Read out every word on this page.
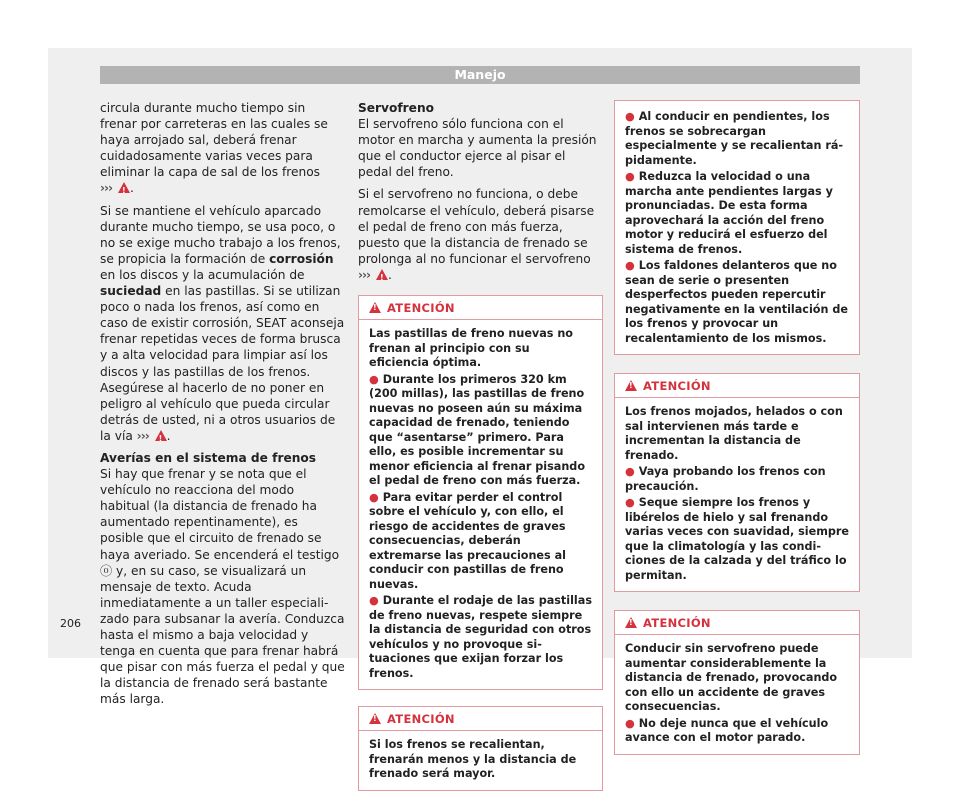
Manejo

circula durante mucho tiempo sin frenar por carreteras en las cuales se haya arrojado sal, deberá frenar cuidadosamente varias veces para eliminar la capa de sal de los frenos

››› ! .

Si se mantiene el vehículo aparcado durante mucho tiempo, se usa poco, o no se exige mucho trabajo a los frenos, se propicia la formación de corrosión en los discos y la acumulación de suciedad en las pastillas. Si se utilizan poco o nada los frenos, así como en caso de existir corrosión, SEAT aconseja frenar repetidas veces de forma brusca y a alta velocidad para limpiar así los discos y las pastillas de los frenos. Asegúrese al hacerlo de no poner en peligro al vehículo que pueda circular detrás de usted, ni a otros usuarios de la vía ››› ! .

Averías en el sistema de frenos

Si hay que frenar y se nota que el vehículo no reacciona del modo habitual (la distancia de frenado ha aumentado repentinamente), es posible que el circuito de frenado se haya averiado. Se encenderá el testigo ⓞ y, en su caso, se visualizará un mensaje de texto. Acuda inmediatamente a un taller especializado para subsanar la avería. Conduzca hasta el mismo a baja velocidad y tenga en cuenta que para frenar habrá que pisar con más fuerza el pedal y que la distancia de frenado será bastante más larga.

Servofreno

El servofreno sólo funciona con el motor en marcha y aumenta la presión que el conductor ejerce al pisar el pedal del freno.

Si el servofreno no funciona, o debe remolcarse el vehículo, deberá pisarse el pedal de freno con más fuerza, puesto que la distancia de frenado se prolonga al no funcionar el servofreno ››› ! .

!
ATENCIÓN
Las pastillas de freno nuevas no frenan al principio con su eficiencia óptima.
● Durante los primeros 320 km (200 millas), las pastillas de freno nuevas no poseen aún su máxima capacidad de frenado, teniendo que “asentarse” primero. Para ello, es posible incrementar su menor eficiencia al frenar pisando el pedal de freno con más fuerza.
● Para evitar perder el control sobre el vehículo y, con ello, el riesgo de accidentes de graves consecuencias, deberán extremarse las precauciones al conducir con pastillas de freno nuevas.
● Durante el rodaje de las pastillas de freno nuevas, respete siempre la distancia de seguridad con otros vehículos y no provoque situaciones que exijan forzar los frenos.
!
ATENCIÓN
Si los frenos se recalientan, frenarán menos y la distancia de frenado será mayor.
● Al conducir en pendientes, los frenos se sobrecargan especialmente y se recalientan rápidamente.
● Reduzca la velocidad o una marcha ante pendientes largas y pronunciadas. De esta forma aprovechará la acción del freno motor y reducirá el esfuerzo del sistema de frenos.
● Los faldones delanteros que no sean de serie o presenten desperfectos pueden repercutir negativamente en la ventilación de los frenos y provocar un recalentamiento de los mismos.
!
ATENCIÓN
Los frenos mojados, helados o con sal intervienen más tarde e incrementan la distancia de frenado.
● Vaya probando los frenos con precaución.
● Seque siempre los frenos y libérelos de hielo y sal frenando varias veces con suavidad, siempre que la climatología y las condiciones de la calzada y del tráfico lo permitan.
!
ATENCIÓN
Conducir sin servofreno puede aumentar considerablemente la distancia de frenado, provocando con ello un accidente de graves consecuencias.
● No deje nunca que el vehículo avance con el motor parado.
206
